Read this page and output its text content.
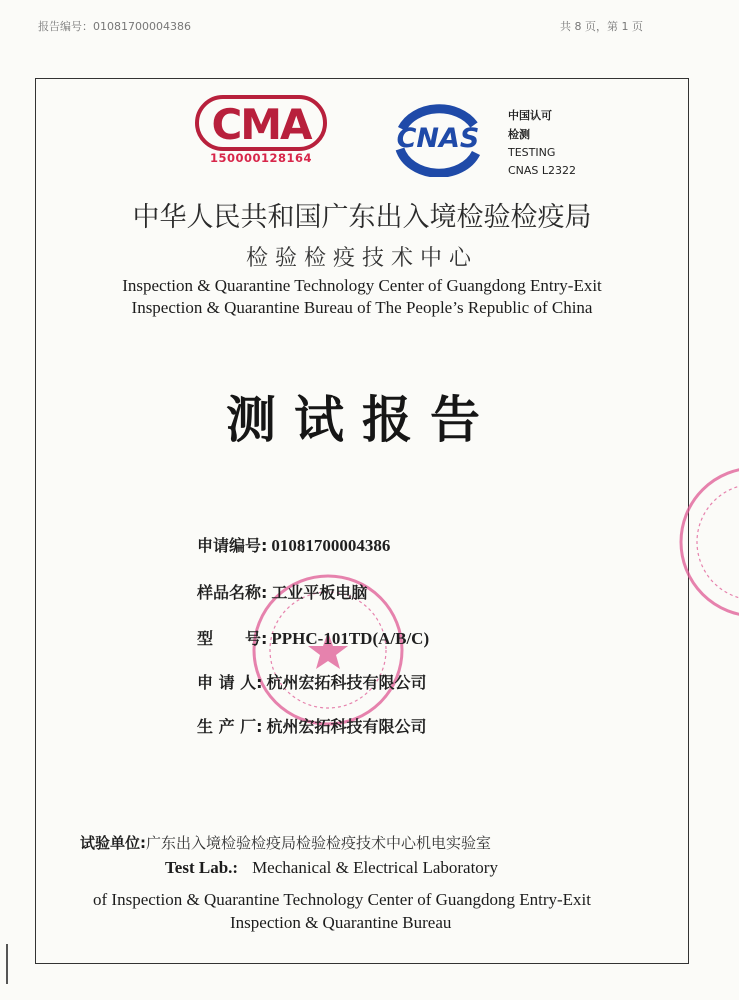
报告编号：01081700004386	共 8 页，第 1 页
CMA
150000128164
CNAS
中国认可
检测
TESTING
CNAS L2322
中华人民共和国广东出入境检验检疫局
检验检疫技术中心
Inspection & Quarantine Technology Center of Guangdong Entry-Exit
Inspection & Quarantine Bureau of The People’s Republic of China
测试报告
申请编号: 01081700004386
样品名称: 工业平板电脑
型　　号: PPHC-101TD(A/B/C)
申 请 人: 杭州宏拓科技有限公司
生 产 厂: 杭州宏拓科技有限公司
试验单位:广东出入境检验检疫局检验检疫技术中心机电实验室
Test Lab.: Mechanical & Electrical Laboratory
of Inspection & Quarantine Technology Center of Guangdong Entry-Exit
Inspection & Quarantine Bureau
